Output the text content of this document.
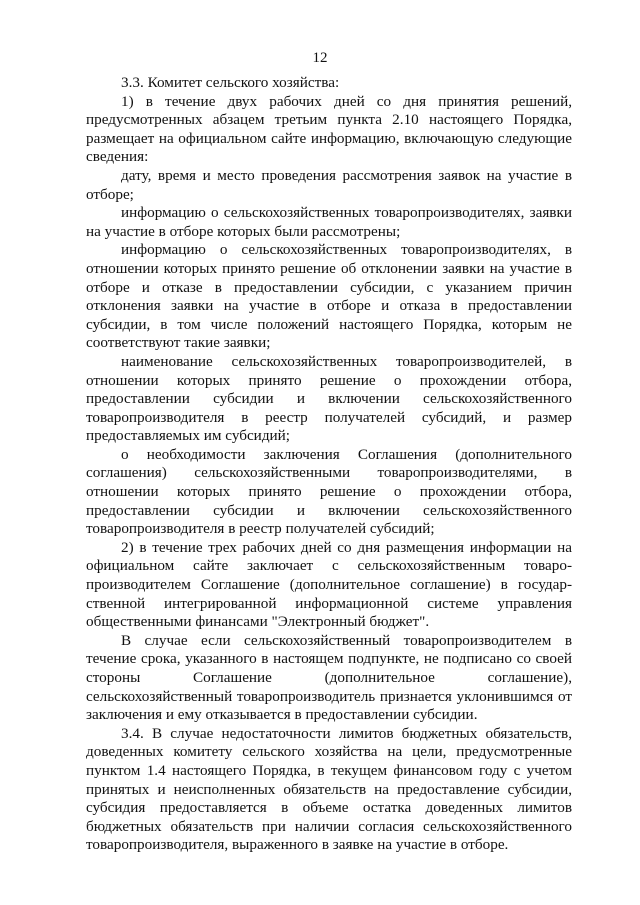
12

3.3. Комитет сельского хозяйства:

1) в течение двух рабочих дней со дня принятия решений, предусмотренных абзацем третьим пункта 2.10 настоящего Порядка, размещает на официальном сайте информацию, включающую следующие сведения:

дату, время и место проведения рассмотрения заявок на участие в отборе;

информацию о сельскохозяйственных товаропроизводителях, заявки на участие в отборе которых были рассмотрены;

информацию о сельскохозяйственных товаропроизводителях, в отношении которых принято решение об отклонении заявки на участие в отборе и отказе в предоставлении субсидии, с указанием причин отклонения заявки на участие в отборе и отказа в предоставлении субсидии, в том числе положений настоящего Порядка, которым не соответствуют такие заявки;

наименование сельскохозяйственных товаропроизводителей, в отношении которых принято решение о прохождении отбора, предоставлении субсидии и включении сельскохозяйственного товаропроизводителя в реестр получателей субсидий, и размер предоставляемых им субсидий;

о необходимости заключения Соглашения (дополнительного соглашения) сельскохозяйственными товаропроизводителями, в отношении которых принято решение о прохождении отбора, предоставлении субсидии и включении сельскохозяйственного товаропроизводителя в реестр получателей субсидий;

2) в течение трех рабочих дней со дня размещения информации на официальном сайте заключает с сельскохозяйственным товаропроизводителем Соглашение (дополнительное соглашение) в государственной интегрированной информационной системе управления общественными финансами "Электронный бюджет".

В случае если сельскохозяйственный товаропроизводителем в течение срока, указанного в настоящем подпункте, не подписано со своей стороны Соглашение (дополнительное соглашение), сельскохозяйственный товаропроизводитель признается уклонившимся от заключения и ему отказывается в предоставлении субсидии.

3.4. В случае недостаточности лимитов бюджетных обязательств, доведенных комитету сельского хозяйства на цели, предусмотренные пунктом 1.4 настоящего Порядка, в текущем финансовом году с учетом принятых и неисполненных обязательств на предоставление субсидии, субсидия предоставляется в объеме остатка доведенных лимитов бюджетных обязательств при наличии согласия сельскохозяйственного товаропроизводителя, выраженного в заявке на участие в отборе.
